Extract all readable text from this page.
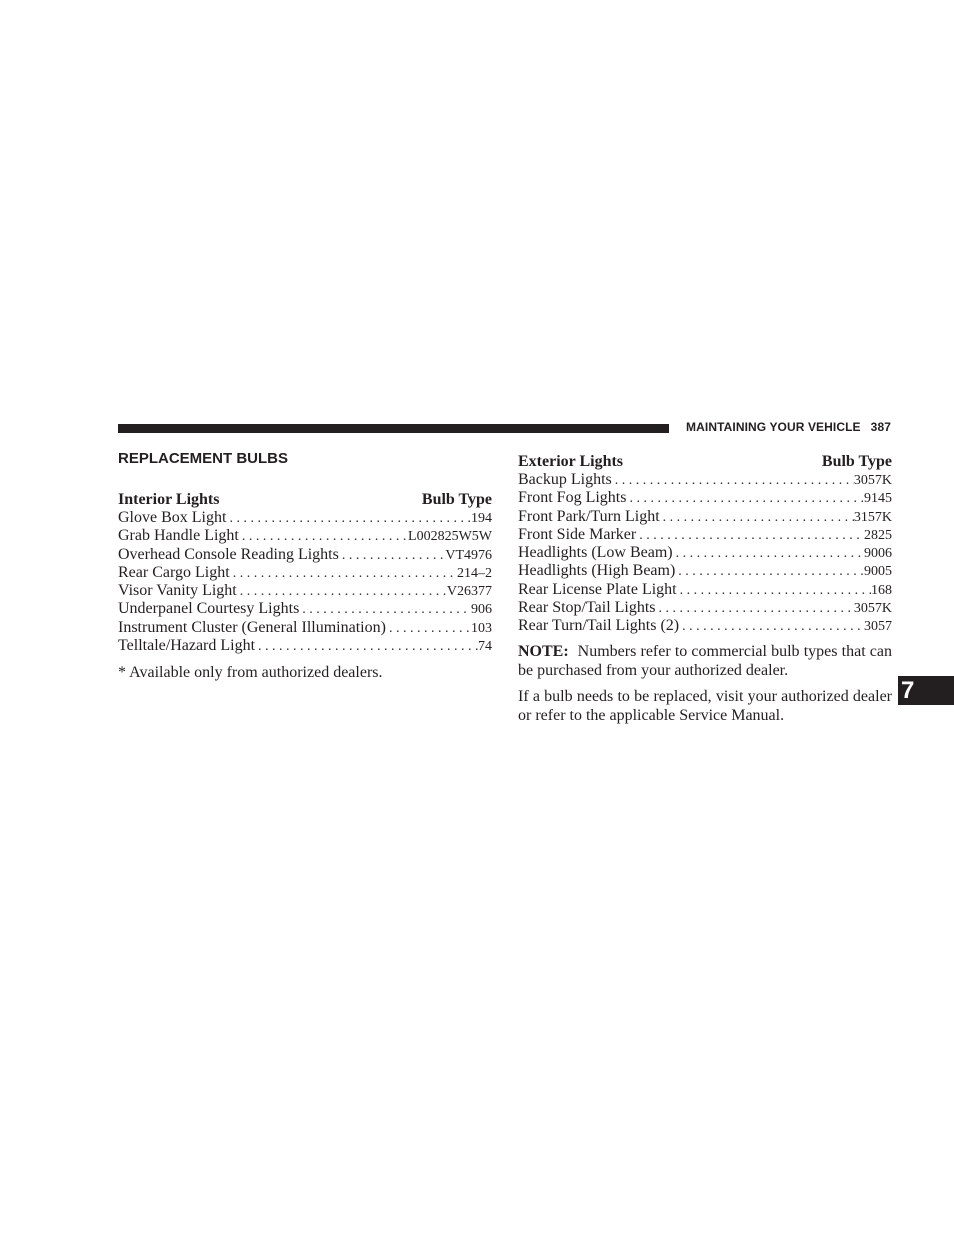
MAINTAINING YOUR VEHICLE 387
REPLACEMENT BULBS
Interior Lights	Bulb Type
Glove Box Light . . .	194
Grab Handle Light . . .	L002825W5W
Overhead Console Reading Lights . . .	VT4976
Rear Cargo Light . . .	214–2
Visor Vanity Light . . .	V26377
Underpanel Courtesy Lights . . .	906
Instrument Cluster (General Illumination) . . .	103
Telltale/Hazard Light . . .	74
* Available only from authorized dealers.
Exterior Lights	Bulb Type
Backup Lights . . .	3057K
Front Fog Lights . . .	9145
Front Park/Turn Light . . .	3157K
Front Side Marker . . .	2825
Headlights (Low Beam) . . .	9006
Headlights (High Beam) . . .	9005
Rear License Plate Light . . .	168
Rear Stop/Tail Lights . . .	3057K
Rear Turn/Tail Lights (2) . . .	3057

NOTE: Numbers refer to commercial bulb types that can be purchased from your authorized dealer.

If a bulb needs to be replaced, visit your authorized dealer or refer to the applicable Service Manual.

7
